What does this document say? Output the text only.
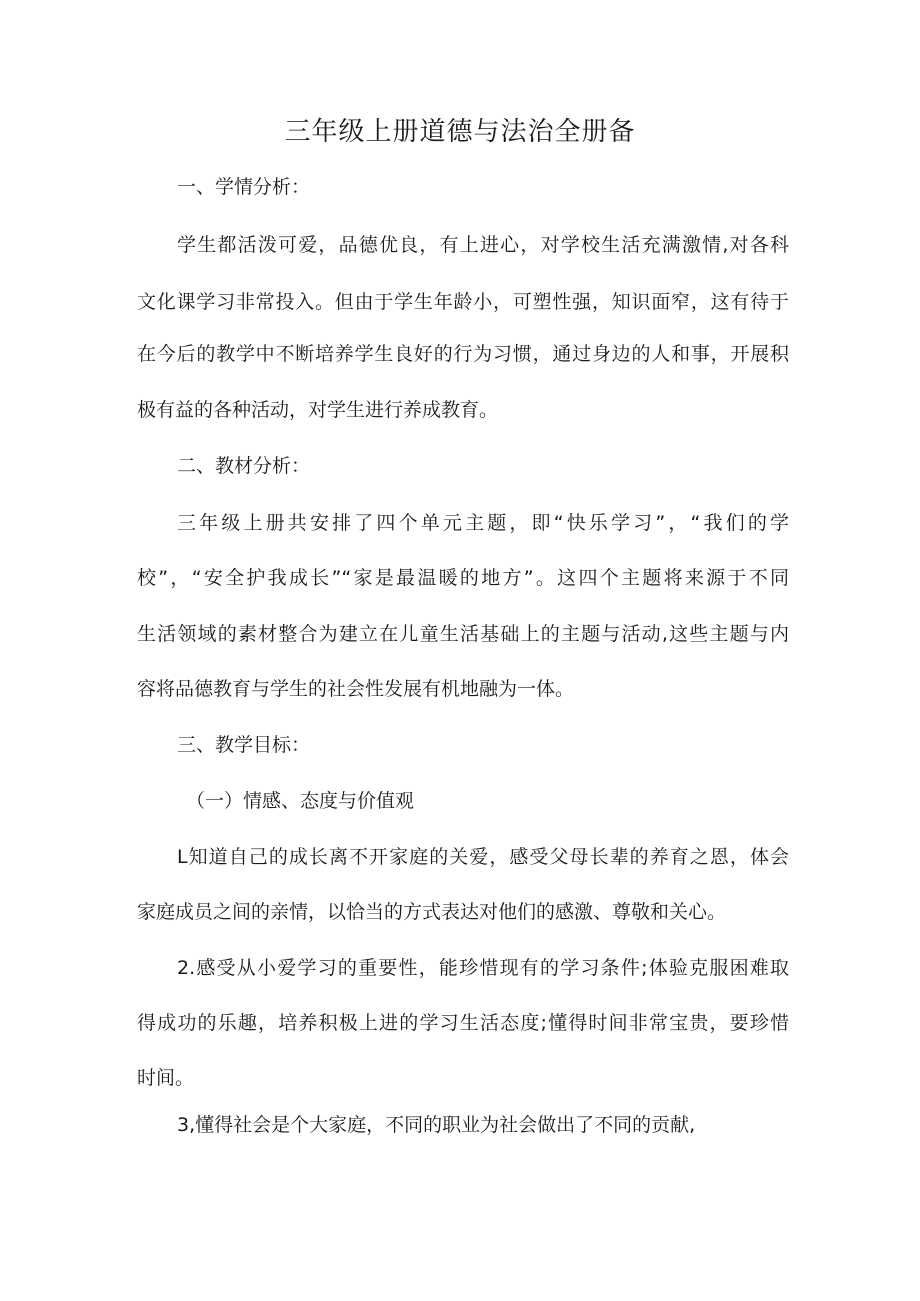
三年级上册道德与法治全册备
一、学情分析：
学生都活泼可爱，品德优良，有上进心，对学校生活充满激情,对各科
文化课学习非常投入。但由于学生年龄小，可塑性强，知识面窄，这有待于
在今后的教学中不断培养学生良好的行为习惯，通过身边的人和事，开展积
极有益的各种活动，对学生进行养成教育。
二、教材分析：
三年级上册共安排了四个单元主题，即“快乐学习”，“我们的学
校”，“安全护我成长”“家是最温暖的地方”。这四个主题将来源于不同
生活领域的素材整合为建立在儿童生活基础上的主题与活动,这些主题与内
容将品德教育与学生的社会性发展有机地融为一体。
三、教学目标：
（一）情感、态度与价值观
L知道自己的成长离不开家庭的关爱，感受父母长辈的养育之恩，体会
家庭成员之间的亲情，以恰当的方式表达对他们的感激、尊敬和关心。
2.感受从小爱学习的重要性，能珍惜现有的学习条件;体验克服困难取
得成功的乐趣，培养积极上进的学习生活态度;懂得时间非常宝贵，要珍惜
时间。
3,懂得社会是个大家庭，不同的职业为社会做出了不同的贡献,
